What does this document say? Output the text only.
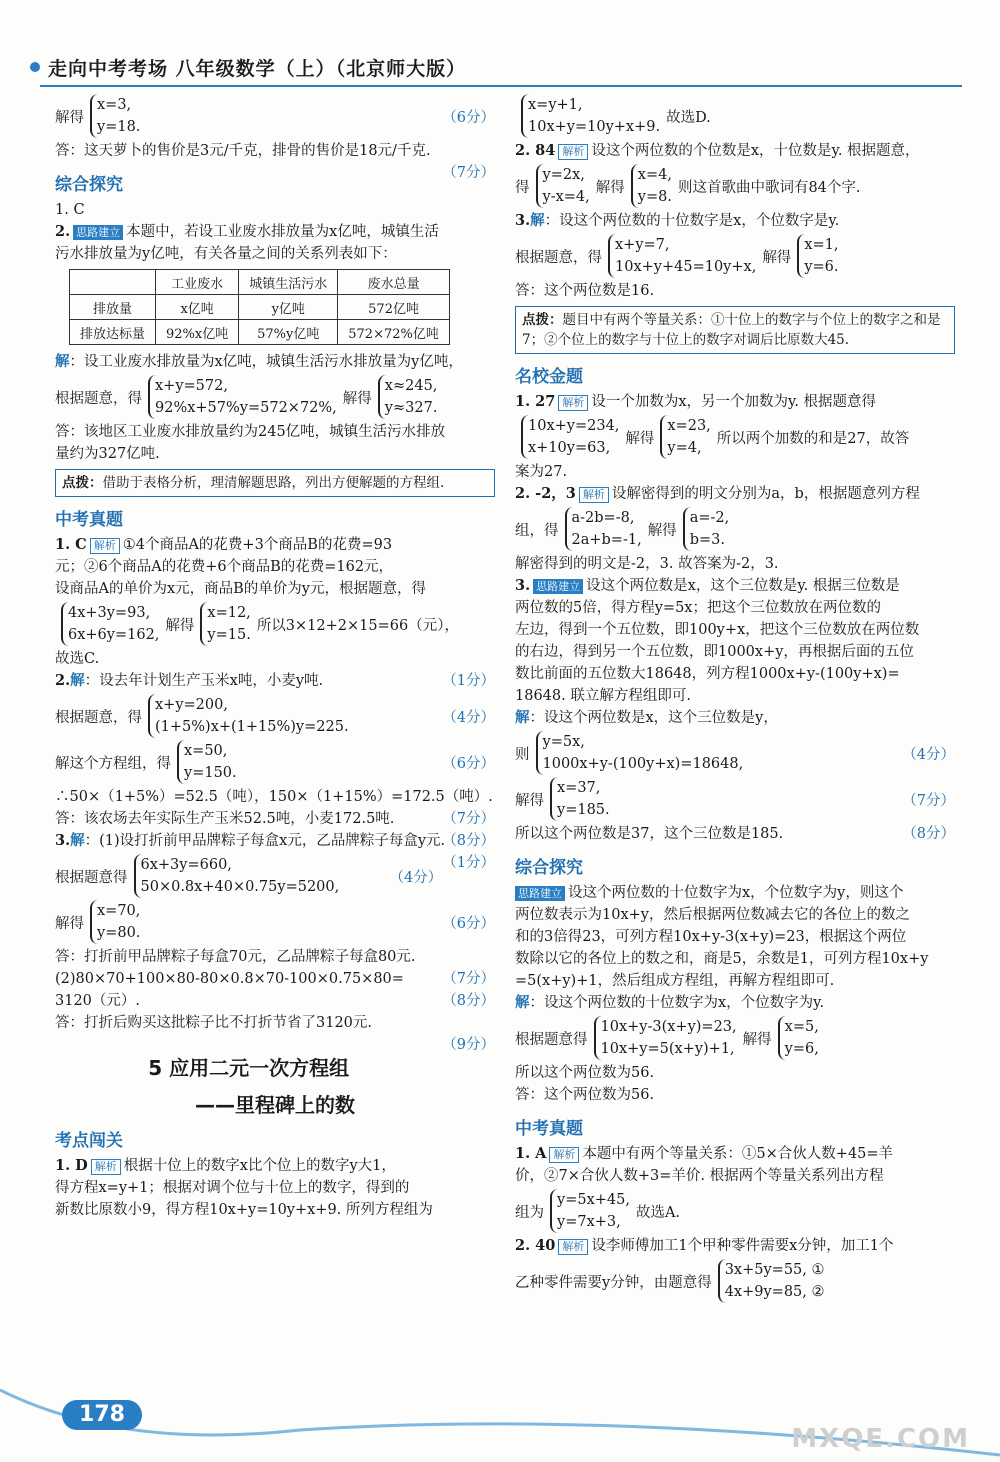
走向中考考场 八年级数学（上）（北京师大版）
解得
x=3,
y=18.
（6分）
答：这天萝卜的售价是3元/千克，排骨的售价是18元/千克.
（7分）
综合探究
1. C
2. 思路建立 本题中，若设工业废水排放量为x亿吨，城镇生活
污水排放量为y亿吨，有关各量之间的关系列表如下：
	工业废水	城镇生活污水	废水总量
排放量	x亿吨	y亿吨	572亿吨
排放达标量	92%x亿吨	57%y亿吨	572×72%亿吨
解：设工业废水排放量为x亿吨，城镇生活污水排放量为y亿吨，
根据题意，得
x+y=572,
92%x+57%y=572×72%,
解得
x≈245,
y≈327.
答：该地区工业废水排放量约为245亿吨，城镇生活污水排放
量约为327亿吨.
点拨：借助于表格分析，理清解题思路，列出方便解题的方程组.
中考真题
1. C 解析 ①4个商品A的花费+3个商品B的花费=93
元；②6个商品A的花费+6个商品B的花费=162元，
设商品A的单价为x元，商品B的单价为y元，根据题意，得
4x+3y=93,
6x+6y=162,
解得
x=12,
y=15.
所以3×12+2×15=66（元），
故选C.
2.解：设去年计划生产玉米x吨，小麦y吨.	（1分）
根据题意，得
x+y=200,
(1+5%)x+(1+15%)y=225.
（4分）
解这个方程组，得
x=50,
y=150.
（6分）
∴50×（1+5%）=52.5（吨），150×（1+15%）=172.5（吨）.
（7分）
答：该农场去年实际生产玉米52.5吨，小麦172.5吨.
（8分）
3.解：(1)设打折前甲品牌粽子每盒x元，乙品牌粽子每盒y元.
（1分）
根据题意得
6x+3y=660,
50×0.8x+40×0.75y=5200,
（4分）
解得
x=70,
y=80.
（6分）
答：打折前甲品牌粽子每盒70元，乙品牌粽子每盒80元.
（7分）
(2)80×70+100×80-80×0.8×70-100×0.75×80=
3120（元）.	（8分）
答：打折后购买这批粽子比不打折节省了3120元.
（9分）
5 应用二元一次方程组
——里程碑上的数
考点闯关
1. D 解析 根据十位上的数字x比个位上的数字y大1，
得方程x=y+1；根据对调个位与十位上的数字，得到的
新数比原数小9，得方程10x+y=10y+x+9. 所列方程组为
x=y+1,
10x+y=10y+x+9.
故选D.
2. 84 解析 设这个两位数的个位数是x，十位数是y. 根据题意，
得
y=2x,
y-x=4,
解得
x=4,
y=8.
则这首歌曲中歌词有84个字.
3.解：设这个两位数的十位数字是x，个位数字是y.
根据题意，得
x+y=7,
10x+y+45=10y+x,
解得
x=1,
y=6.
答：这个两位数是16.
点拨：题目中有两个等量关系：①十位上的数字与个位上的数字之和是7；②个位上的数字与十位上的数字对调后比原数大45.
名校金题
1. 27 解析 设一个加数为x，另一个加数为y. 根据题意得
10x+y=234,
x+10y=63,
解得
x=23,
y=4,
所以两个加数的和是27，故答
案为27.
2. -2，3 解析 设解密得到的明文分别为a，b，根据题意列方程
组，得
a-2b=-8,
2a+b=-1,
解得
a=-2,
b=3.
解密得到的明文是-2，3. 故答案为-2，3.
3. 思路建立 设这个两位数是x，这个三位数是y. 根据三位数是
两位数的5倍，得方程y=5x；把这个三位数放在两位数的
左边，得到一个五位数，即100y+x，把这个三位数放在两位数
的右边，得到另一个五位数，即1000x+y，再根据后面的五位
数比前面的五位数大18648，列方程1000x+y-(100y+x)=
18648. 联立解方程组即可.
解：设这个两位数是x，这个三位数是y，
则
y=5x,
1000x+y-(100y+x)=18648,
（4分）
解得
x=37,
y=185.
（7分）
所以这个两位数是37，这个三位数是185.	（8分）
综合探究
思路建立 设这个两位数的十位数字为x，个位数字为y，则这个
两位数表示为10x+y，然后根据两位数减去它的各位上的数之
和的3倍得23，可列方程10x+y-3(x+y)=23，根据这个两位
数除以它的各位上的数之和，商是5，余数是1，可列方程10x+y
=5(x+y)+1，然后组成方程组，再解方程组即可.
解：设这个两位数的十位数字为x，个位数字为y.
根据题意得
10x+y-3(x+y)=23,
10x+y=5(x+y)+1,
解得
x=5,
y=6,
所以这个两位数为56.
答：这个两位数为56.
中考真题
1. A 解析 本题中有两个等量关系：①5×合伙人数+45=羊
价，②7×合伙人数+3=羊价. 根据两个等量关系列出方程
组为
y=5x+45,
y=7x+3,
故选A.
2. 40 解析 设李师傅加工1个甲种零件需要x分钟，加工1个
乙种零件需要y分钟，由题意得
3x+5y=55, ①
4x+9y=85, ②
178
MXQE.COM
